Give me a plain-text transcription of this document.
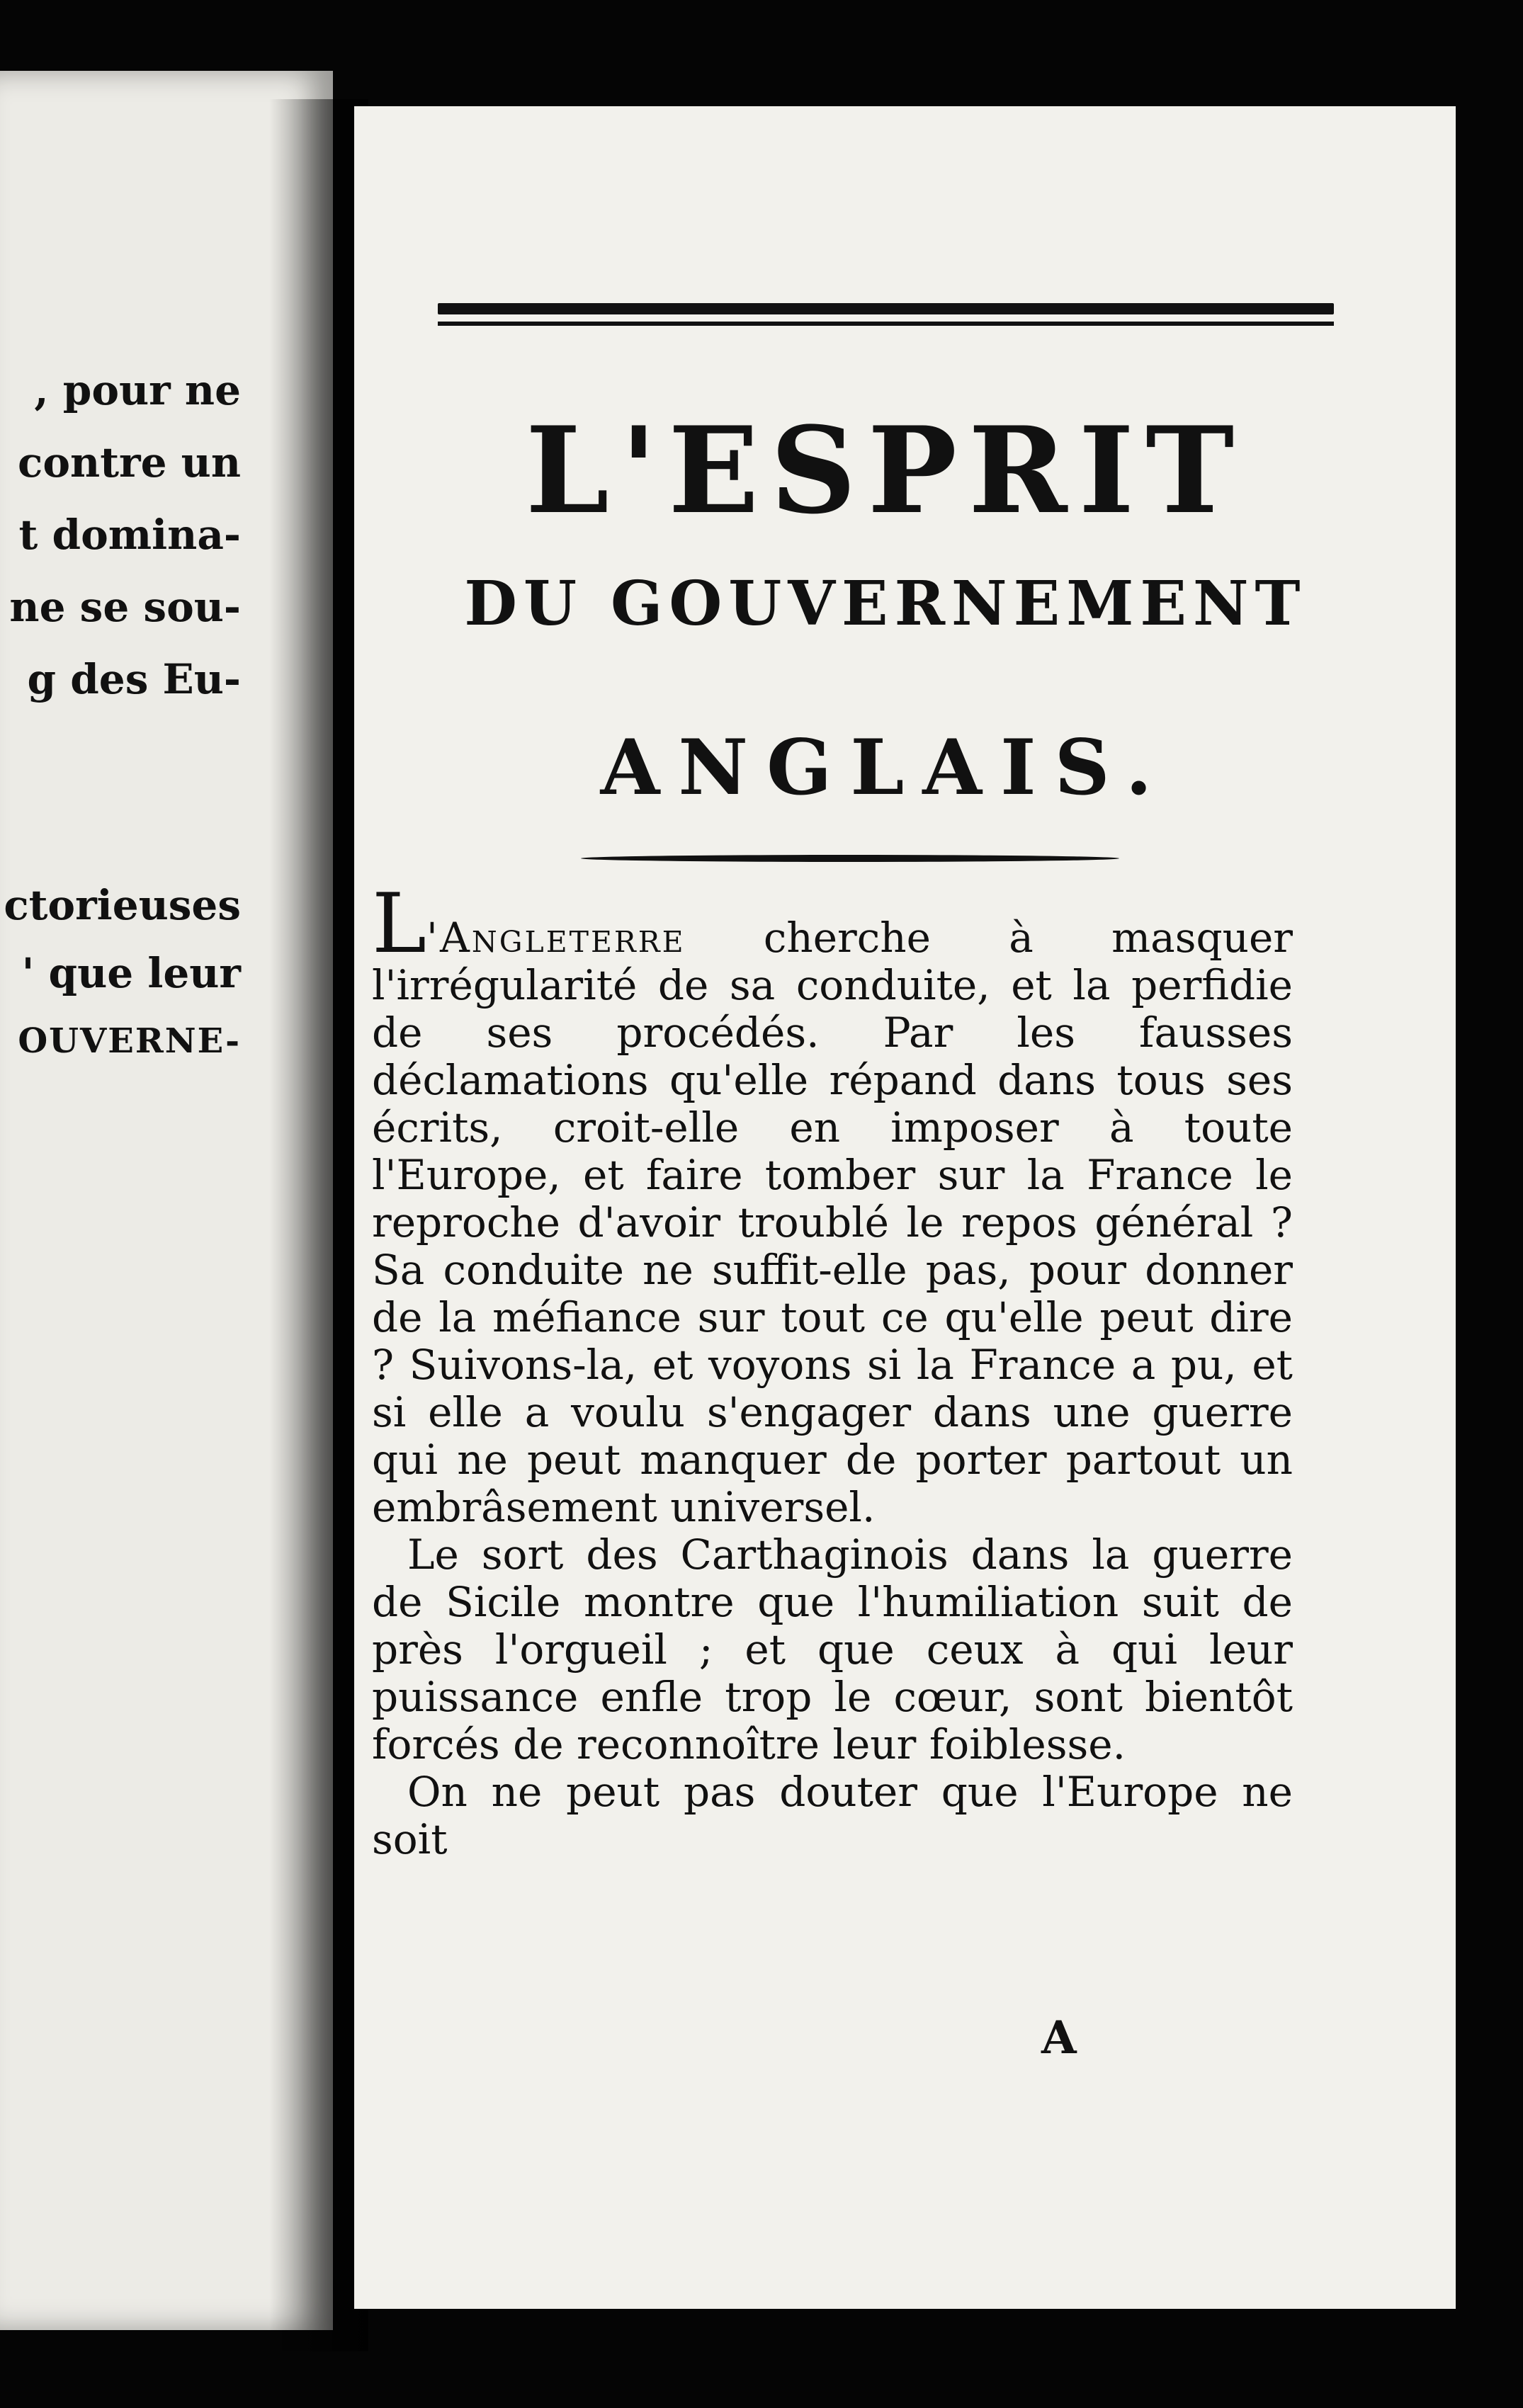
, pour ne
contre un
t domina-
ne se sou-
g des Eu-
ctorieuses
' que leur
OUVERNE-
L'ESPRIT
DU GOUVERNEMENT
ANGLAIS.

L'Angleterre cherche à masquer l'irrégularité de sa conduite, et la perfidie de ses procédés. Par les fausses déclamations qu'elle répand dans tous ses écrits, croit-elle en imposer à toute l'Europe, et faire tomber sur la France le reproche d'avoir troublé le repos général ? Sa conduite ne suffit-elle pas, pour donner de la méfiance sur tout ce qu'elle peut dire ? Suivons-la, et voyons si la France a pu, et si elle a voulu s'engager dans une guerre qui ne peut manquer de porter partout un embrâsement universel.

Le sort des Carthaginois dans la guerre de Sicile montre que l'humiliation suit de près l'orgueil ; et que ceux à qui leur puissance enfle trop le cœur, sont bientôt forcés de reconnoître leur foiblesse.

On ne peut pas douter que l'Europe ne soit

A
